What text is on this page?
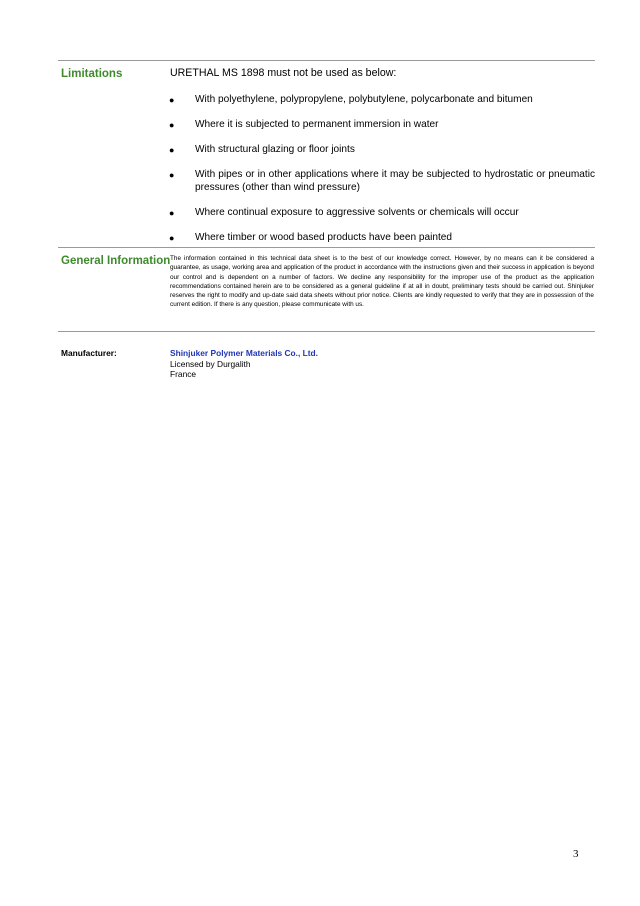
Limitations	URETHAL MS 1898 must not be used as below:
● With polyethylene, polypropylene, polybutylene, polycarbonate and bitumen
● Where it is subjected to permanent immersion in water
● With structural glazing or floor joints
● With pipes or in other applications where it may be subjected to hydrostatic or pneumatic pressures (other than wind pressure)
● Where continual exposure to aggressive solvents or chemicals will occur
● Where timber or wood based products have been painted
General Information The information contained in this technical data sheet is to the best of our knowledge correct. However, by no means can it be considered a guarantee, as usage, working area and application of the product in accordance with the instructions given and their success in application is beyond our control and is dependent on a number of factors. We decline any responsibility for the improper use of the product as the application recommendations contained herein are to be considered as a general guideline if at all in doubt, preliminary tests should be carried out. Shinjuker reserves the right to modify and up-date said data sheets without prior notice. Clients are kindly requested to verify that they are in possession of the current edition. If there is any question, please communicate with us.
Manufacturer:	Shinjuker Polymer Materials Co., Ltd.
Licensed by Durgalith
France
3
